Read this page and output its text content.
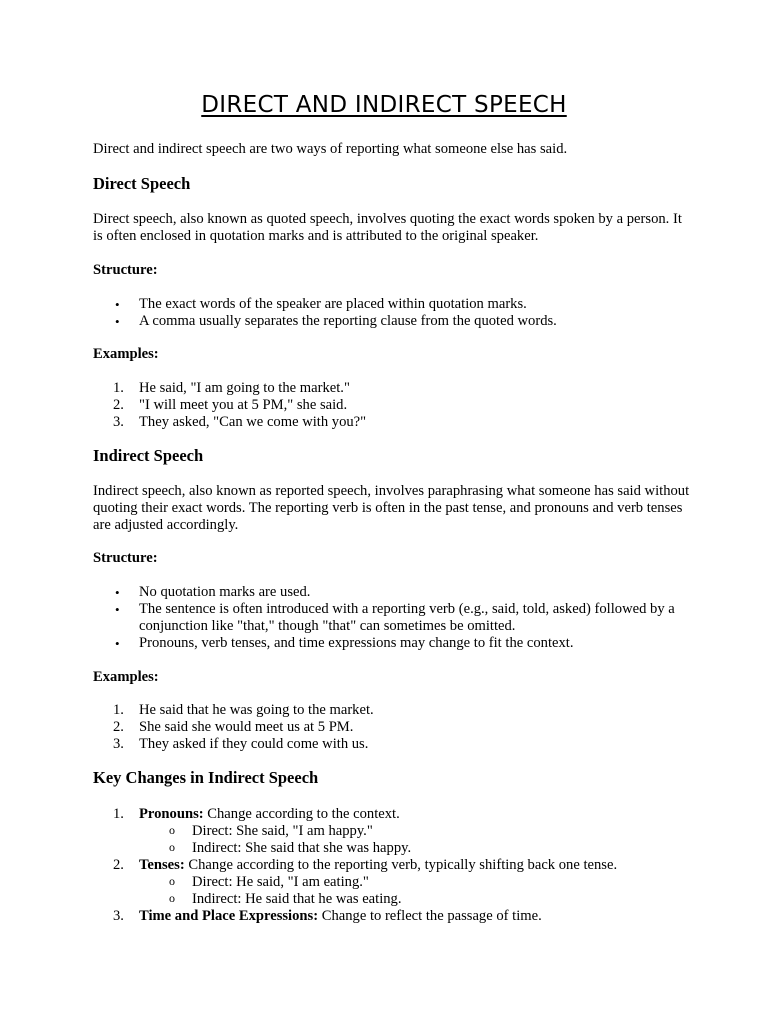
DIRECT AND INDIRECT SPEECH
Direct and indirect speech are two ways of reporting what someone else has said.
Direct Speech
Direct speech, also known as quoted speech, involves quoting the exact words spoken by a person. It is often enclosed in quotation marks and is attributed to the original speaker.
Structure:
• The exact words of the speaker are placed within quotation marks.
• A comma usually separates the reporting clause from the quoted words.
Examples:
1. He said, "I am going to the market."
2. "I will meet you at 5 PM," she said.
3. They asked, "Can we come with you?"
Indirect Speech
Indirect speech, also known as reported speech, involves paraphrasing what someone has said without quoting their exact words. The reporting verb is often in the past tense, and pronouns and verb tenses are adjusted accordingly.
Structure:
• No quotation marks are used.
• The sentence is often introduced with a reporting verb (e.g., said, told, asked) followed by a conjunction like "that," though "that" can sometimes be omitted.
• Pronouns, verb tenses, and time expressions may change to fit the context.
Examples:
1. He said that he was going to the market.
2. She said she would meet us at 5 PM.
3. They asked if they could come with us.
Key Changes in Indirect Speech
1. Pronouns: Change according to the context.
o Direct: She said, "I am happy."
o Indirect: She said that she was happy.
2. Tenses: Change according to the reporting verb, typically shifting back one tense.
o Direct: He said, "I am eating."
o Indirect: He said that he was eating.
3. Time and Place Expressions: Change to reflect the passage of time.
